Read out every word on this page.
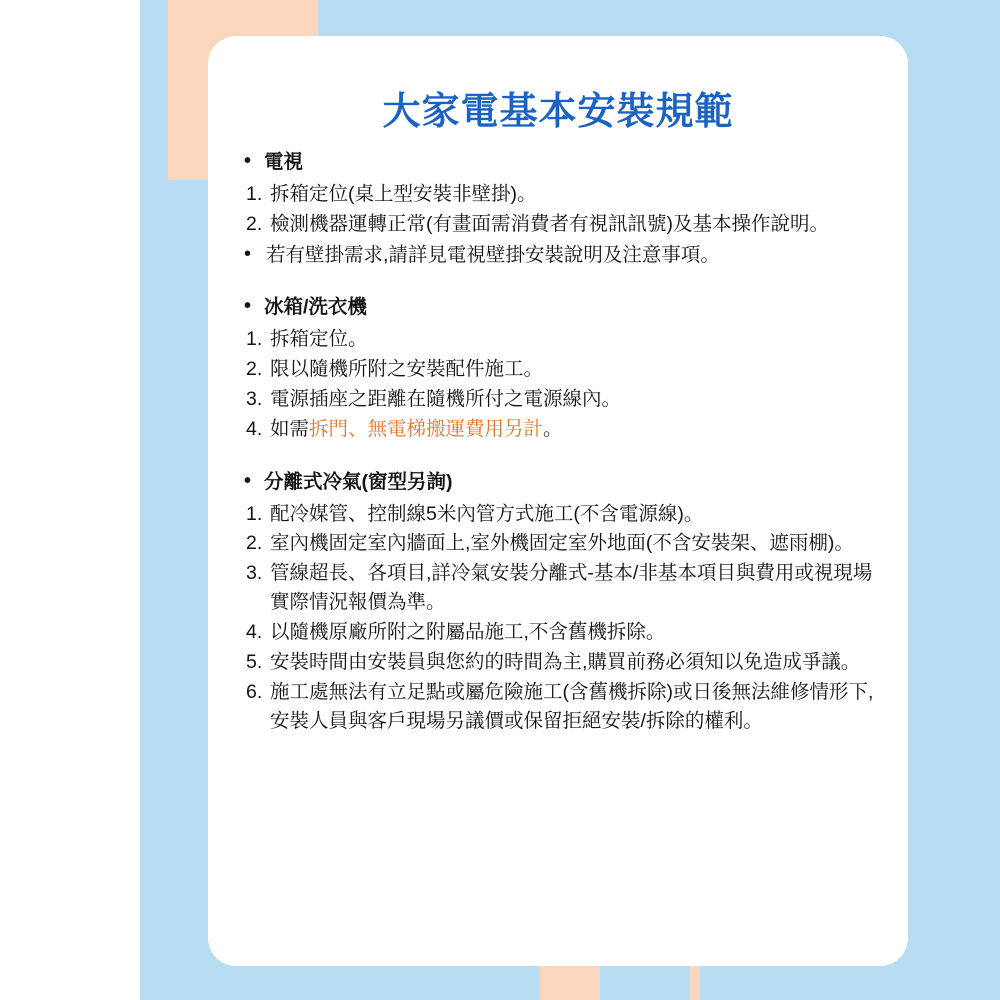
大家電基本安裝規範
• 電視
拆箱定位(桌上型安裝非壁掛)。
檢測機器運轉正常(有畫面需消費者有視訊訊號)及基本操作說明。
• 若有壁掛需求,請詳見電視壁掛安裝說明及注意事項。
• 冰箱/洗衣機
拆箱定位。
限以隨機所附之安裝配件施工。
電源插座之距離在隨機所付之電源線內。
如需拆門、無電梯搬運費用另計。
• 分離式冷氣(窗型另詢)
配冷媒管、控制線5米內管方式施工(不含電源線)。
室內機固定室內牆面上,室外機固定室外地面(不含安裝架、遮雨棚)。
管線超長、各項目,詳冷氣安裝分離式-基本/非基本項目與費用或視現場實際情況報價為準。
以隨機原廠所附之附屬品施工,不含舊機拆除。
安裝時間由安裝員與您約的時間為主,購買前務必須知以免造成爭議。
施工處無法有立足點或屬危險施工(含舊機拆除)或日後無法維修情形下,安裝人員與客戶現場另議價或保留拒絕安裝/拆除的權利。
